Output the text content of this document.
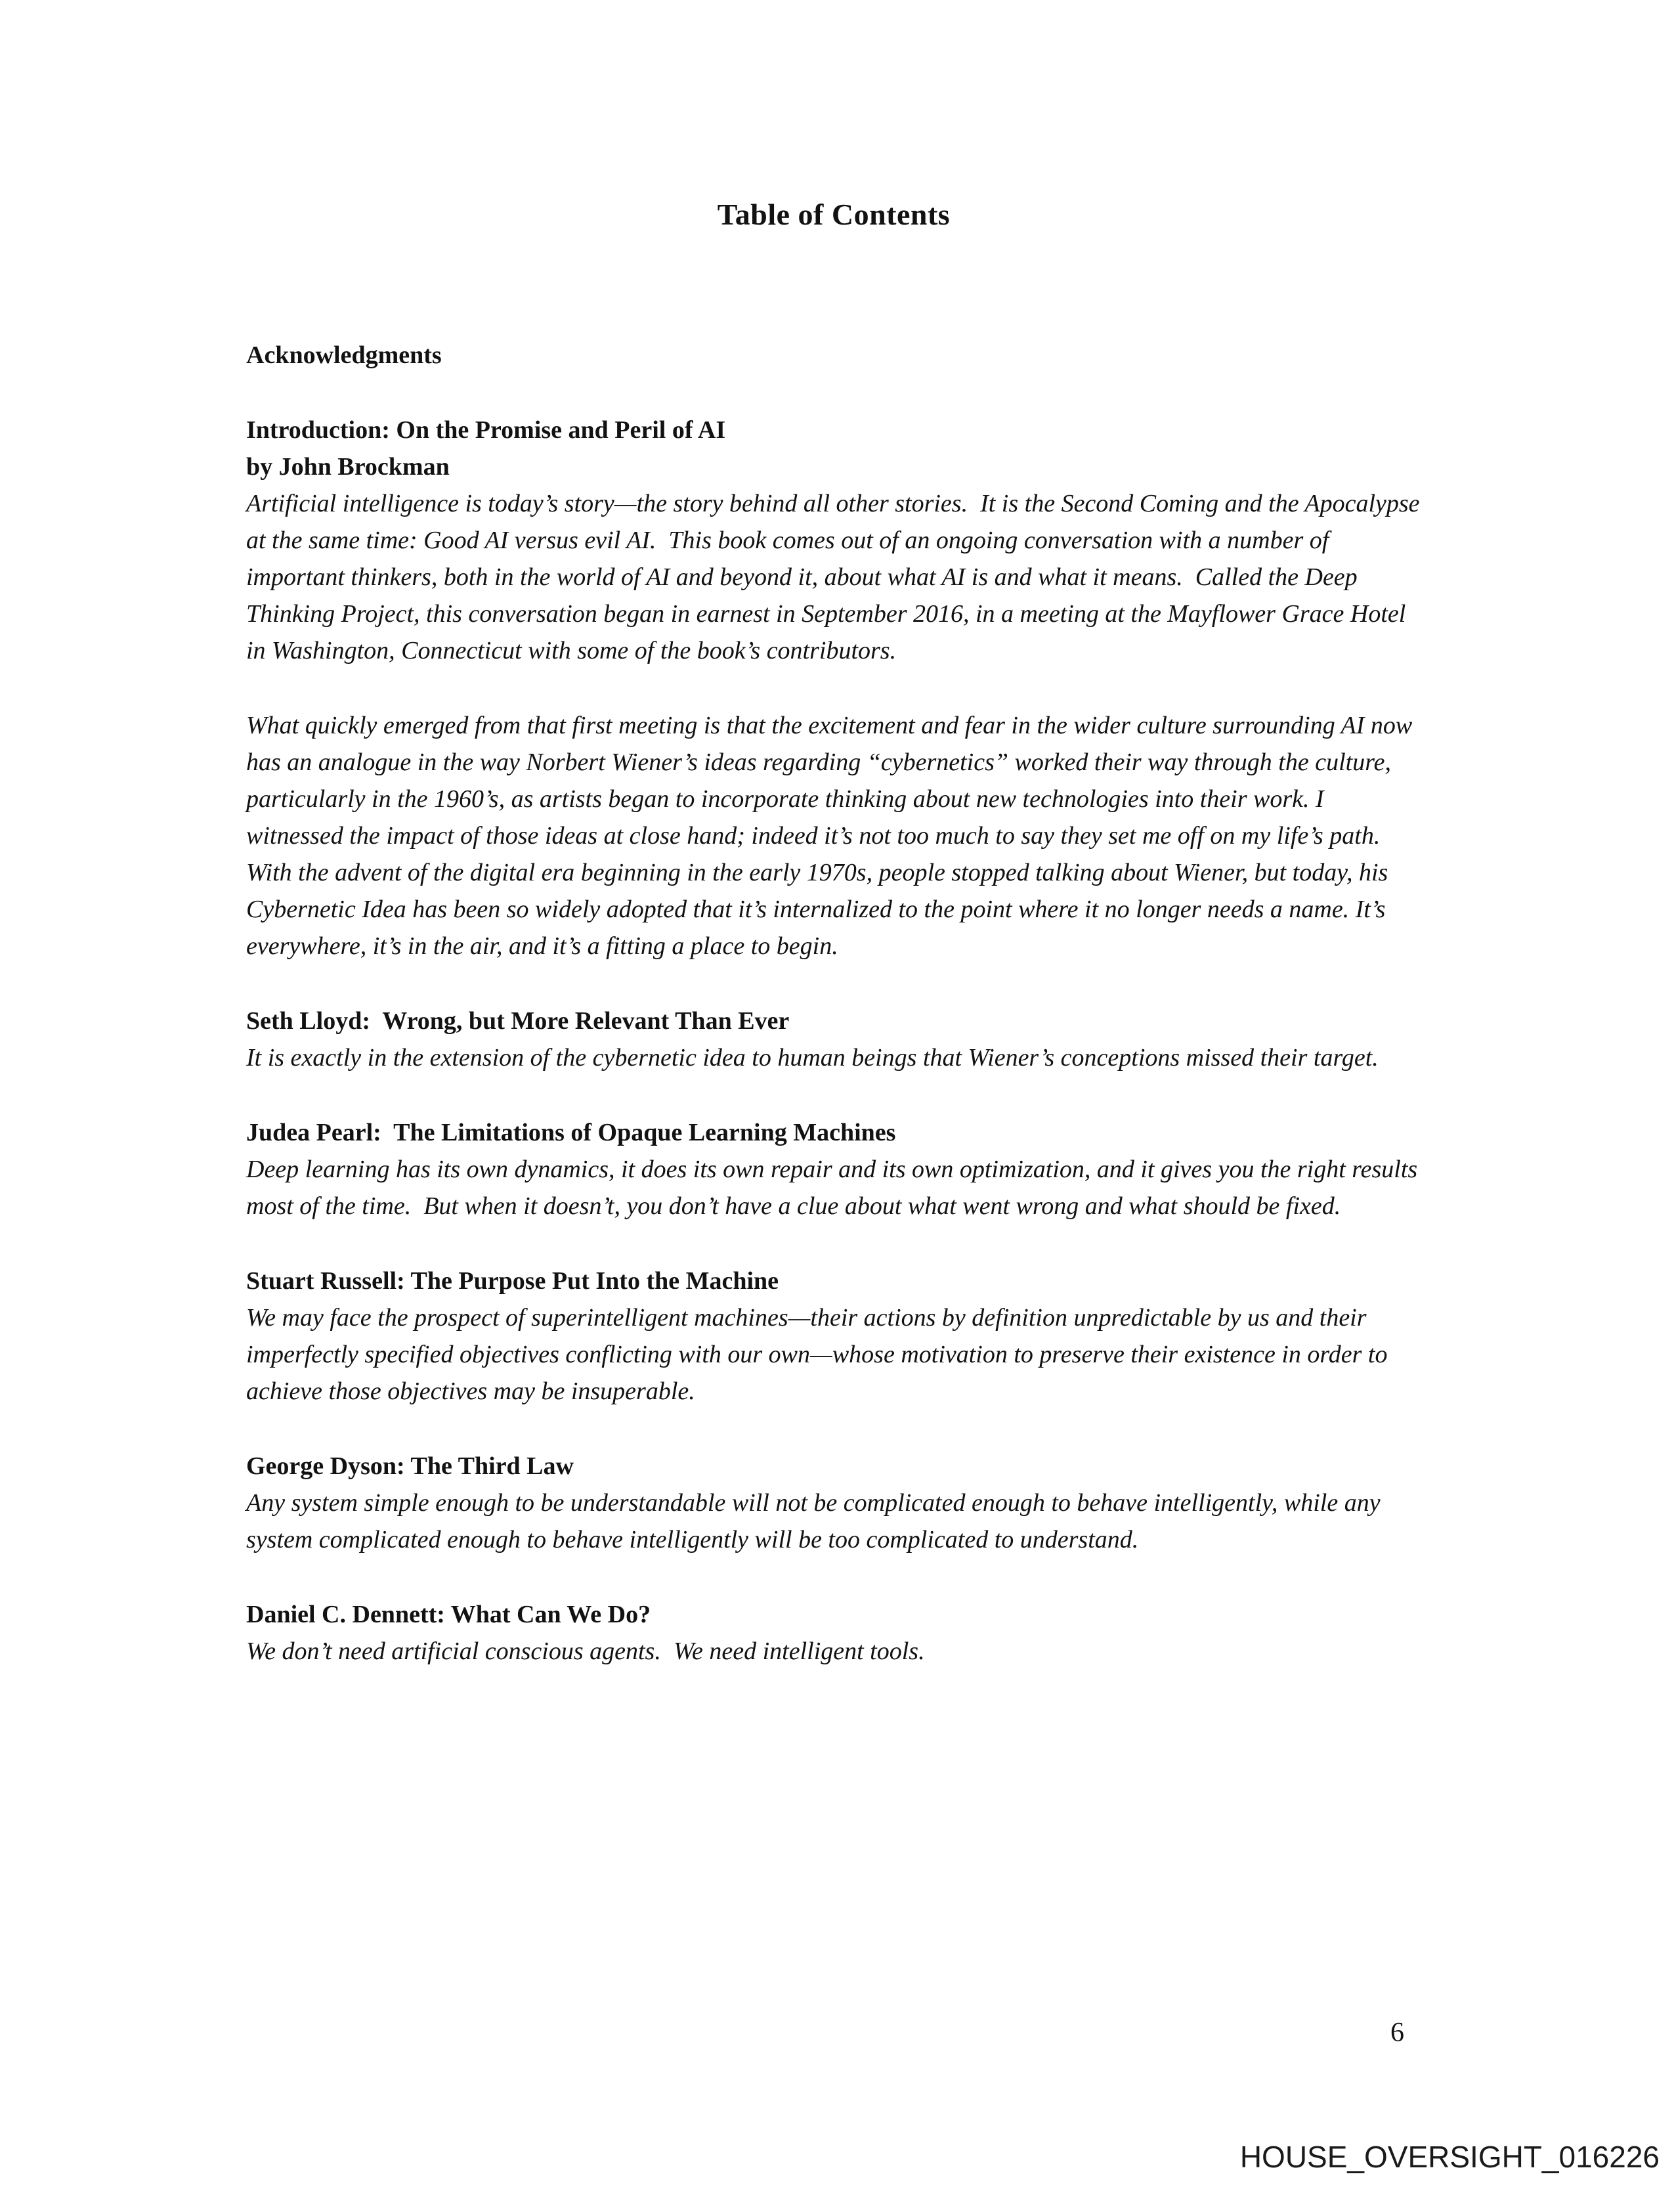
Table of Contents
Acknowledgments
Introduction: On the Promise and Peril of AI
by John Brockman

Artificial intelligence is today’s story—the story behind all other stories.  It is the Second Coming and the Apocalypse at the same time: Good AI versus evil AI.  This book comes out of an ongoing conversation with a number of important thinkers, both in the world of AI and beyond it, about what AI is and what it means.  Called the Deep Thinking Project, this conversation began in earnest in September 2016, in a meeting at the Mayflower Grace Hotel in Washington, Connecticut with some of the book’s contributors.

What quickly emerged from that first meeting is that the excitement and fear in the wider culture surrounding AI now has an analogue in the way Norbert Wiener’s ideas regarding “cybernetics” worked their way through the culture, particularly in the 1960’s, as artists began to incorporate thinking about new technologies into their work. I witnessed the impact of those ideas at close hand; indeed it’s not too much to say they set me off on my life’s path. With the advent of the digital era beginning in the early 1970s, people stopped talking about Wiener, but today, his Cybernetic Idea has been so widely adopted that it’s internalized to the point where it no longer needs a name. It’s everywhere, it’s in the air, and it’s a fitting a place to begin.

Seth Lloyd:  Wrong, but More Relevant Than Ever

It is exactly in the extension of the cybernetic idea to human beings that Wiener’s conceptions missed their target.

Judea Pearl:  The Limitations of Opaque Learning Machines

Deep learning has its own dynamics, it does its own repair and its own optimization, and it gives you the right results most of the time.  But when it doesn’t, you don’t have a clue about what went wrong and what should be fixed.

Stuart Russell: The Purpose Put Into the Machine

We may face the prospect of superintelligent machines—their actions by definition unpredictable by us and their imperfectly specified objectives conflicting with our own—whose motivation to preserve their existence in order to achieve those objectives may be insuperable.

George Dyson: The Third Law

Any system simple enough to be understandable will not be complicated enough to behave intelligently, while any system complicated enough to behave intelligently will be too complicated to understand.

Daniel C. Dennett: What Can We Do?

We don’t need artificial conscious agents.  We need intelligent tools.

6
HOUSE_OVERSIGHT_016226
